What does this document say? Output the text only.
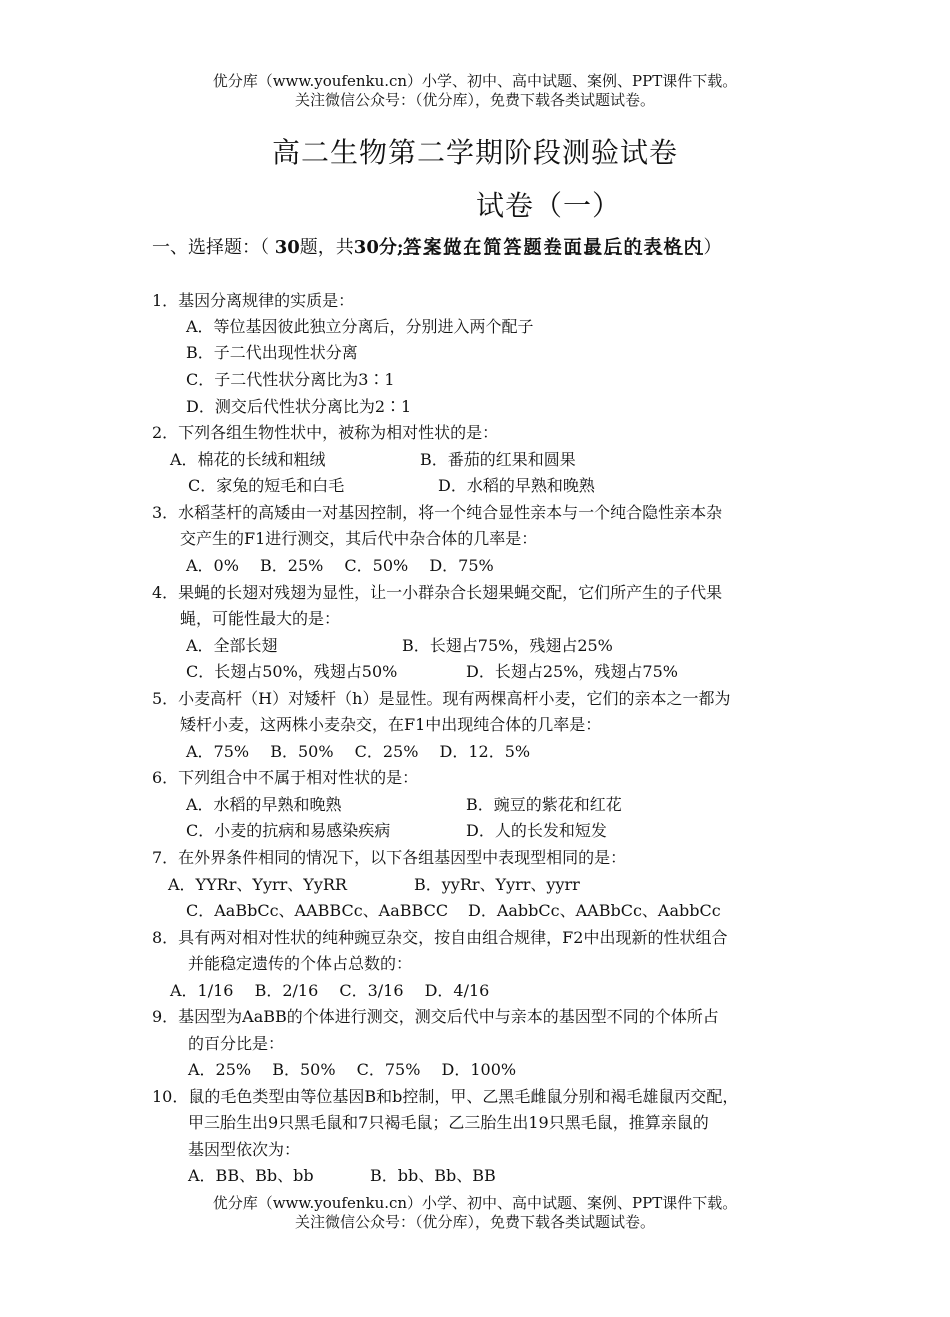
优分库（www.youfenku.cn）小学、初中、高中试题、案例、PPT课件下载。
关注微信公众号：（优分库），免费下载各类试题试卷。
高二生物第二学期阶段测验试卷
试卷（一）
一、选择题：（ 30题，共30分;答案做在简答题卷面最后的表格内）
1．基因分离规律的实质是：
A．等位基因彼此独立分离后，分别进入两个配子
B．子二代出现性状分离
C．子二代性状分离比为3∶1
D．测交后代性状分离比为2∶1
2．下列各组生物性状中，被称为相对性状的是：
A．棉花的长绒和粗绒	B．番茄的红果和圆果
C．家兔的短毛和白毛	D．水稻的早熟和晚熟
3．水稻茎杆的高矮由一对基因控制，将一个纯合显性亲本与一个纯合隐性亲本杂
交产生的F1进行测交，其后代中杂合体的几率是：
A．0%　 B．25%　 C．50%　 D．75%
4．果蝇的长翅对残翅为显性，让一小群杂合长翅果蝇交配，它们所产生的子代果
蝇，可能性最大的是：
A．全部长翅	B．长翅占75%，残翅占25%
C．长翅占50%，残翅占50%	D．长翅占25%，残翅占75%
5．小麦高杆（H）对矮杆（h）是显性。现有两棵高杆小麦，它们的亲本之一都为
矮杆小麦，这两株小麦杂交，在F1中出现纯合体的几率是：
A．75%　 B．50%　 C．25%　 D．12．5%
6．下列组合中不属于相对性状的是：
A．水稻的早熟和晚熟	B．豌豆的紫花和红花
C．小麦的抗病和易感染疾病	D．人的长发和短发
7．在外界条件相同的情况下，以下各组基因型中表现型相同的是：
A．YYRr、Yyrr、YyRR	B．yyRr、Yyrr、yyrr
C．AaBbCc、AABBCc、AaBBCC D．AabbCc、AABbCc、AabbCc
8．具有两对相对性状的纯种豌豆杂交，按自由组合规律，F2中出现新的性状组合
并能稳定遗传的个体占总数的：
A．1/16　 B．2/16　 C．3/16　 D．4/16
9．基因型为AaBB的个体进行测交，测交后代中与亲本的基因型不同的个体所占
的百分比是：
A．25%　 B．50%　 C．75%　 D．100%
10．鼠的毛色类型由等位基因B和b控制，甲、乙黑毛雌鼠分别和褐毛雄鼠丙交配，
甲三胎生出9只黑毛鼠和7只褐毛鼠；乙三胎生出19只黑毛鼠，推算亲鼠的
基因型依次为：
A．BB、Bb、bb	B．bb、Bb、BB
优分库（www.youfenku.cn）小学、初中、高中试题、案例、PPT课件下载。
关注微信公众号：（优分库），免费下载各类试题试卷。
